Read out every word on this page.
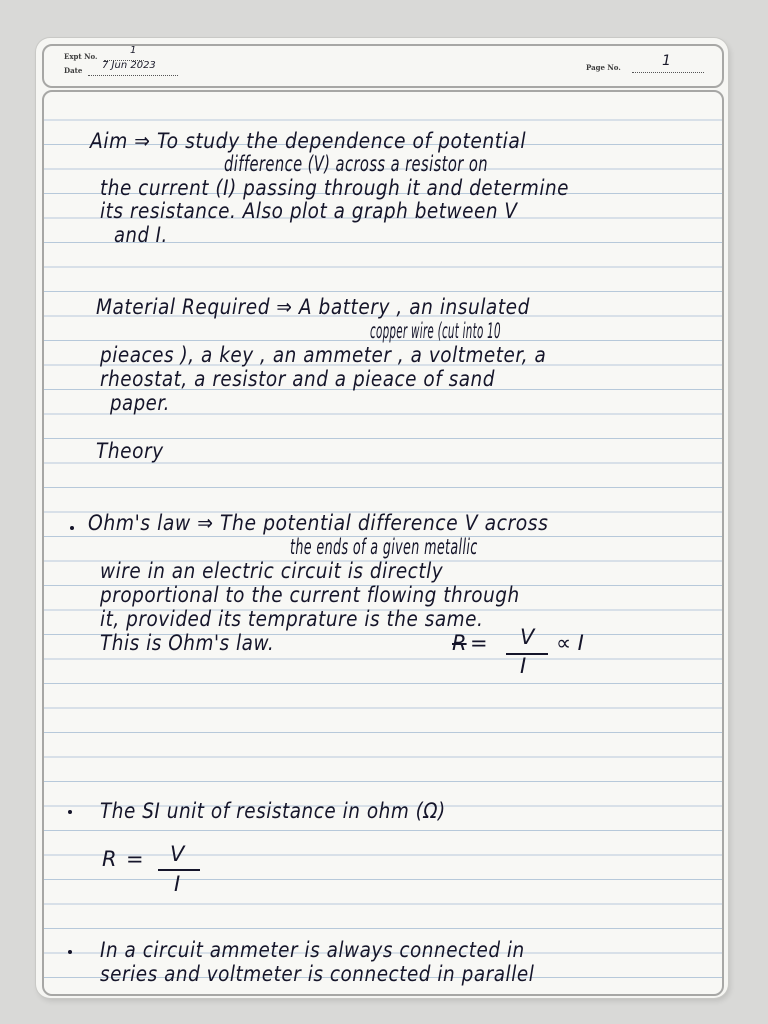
Expt No.
1
Date 7 Jun 2023	Page No.	1
Aim ⇒ To study the dependence of potential
difference (V) across a resistor on
the current (I) passing through it and determine
its resistance. Also plot a graph between V
and I.
Material Required ⇒ A battery , an insulated
copper wire (cut into 10
pieaces ), a key , an ammeter , a voltmeter, a
rheostat, a resistor and a pieace of sand
paper.
Theory
Ohm's law ⇒ The potential difference V across
the ends of a given metallic
wire in an electric circuit is directly
proportional to the current flowing through
it, provided its temprature is the same.
This is Ohm's law.	R = V
I
∝ I
The SI unit of resistance in ohm (Ω)
R = V
I
In a circuit ammeter is always connected in
series and voltmeter is connected in parallel
